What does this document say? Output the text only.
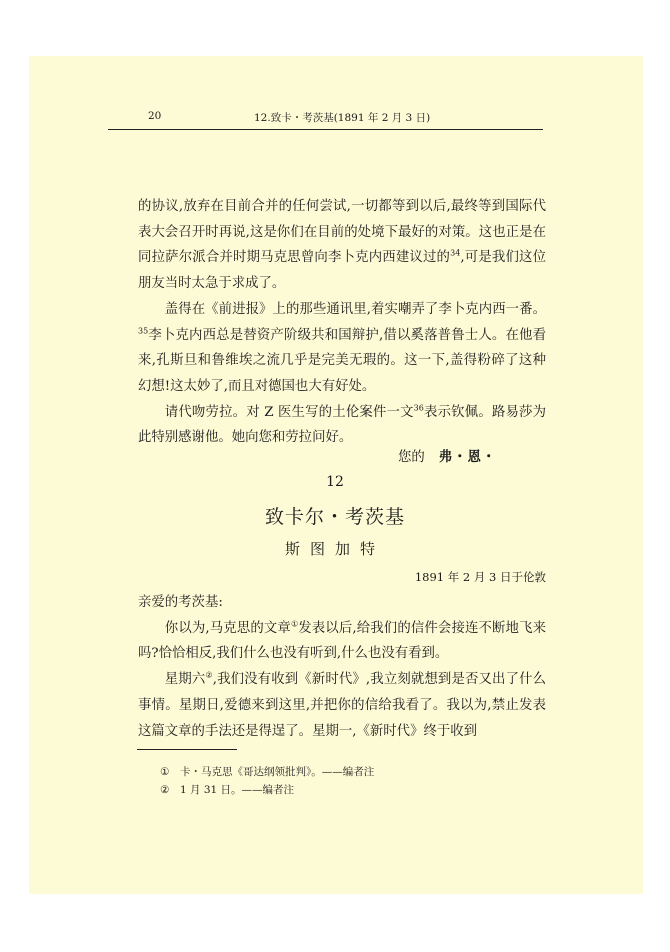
20	12.致卡・考茨基(1891 年 2 月 3 日)

的协议,放弃在目前合并的任何尝试,一切都等到以后,最终等到国际代表大会召开时再说,这是你们在目前的处境下最好的对策。这也正是在同拉萨尔派合并时期马克思曾向李卜克内西建议过的$^{34}$,可是我们这位朋友当时太急于求成了。

盖得在《前进报》上的那些通讯里,着实嘲弄了李卜克内西一番。$^{35}$李卜克内西总是替资产阶级共和国辩护,借以奚落普鲁士人。在他看来,孔斯旦和鲁维埃之流几乎是完美无瑕的。这一下,盖得粉碎了这种幻想!这太妙了,而且对德国也大有好处。

请代吻劳拉。对 Z 医生写的土伦案件一文$^{36}$表示钦佩。路易莎为此特别感谢他。她向您和劳拉问好。

您的 弗・恩・
12
致卡尔・考茨基
斯图加特
1891 年 2 月 3 日于伦敦

亲爱的考茨基:

你以为,马克思的文章①发表以后,给我们的信件会接连不断地飞来吗?恰恰相反,我们什么也没有听到,什么也没有看到。

星期六②,我们没有收到《新时代》,我立刻就想到是否又出了什么事情。星期日,爱德来到这里,并把你的信给我看了。我以为,禁止发表这篇文章的手法还是得逞了。星期一,《新时代》终于收到

① 卡・马克思《哥达纲领批判》。——编者注
② 1 月 31 日。——编者注
